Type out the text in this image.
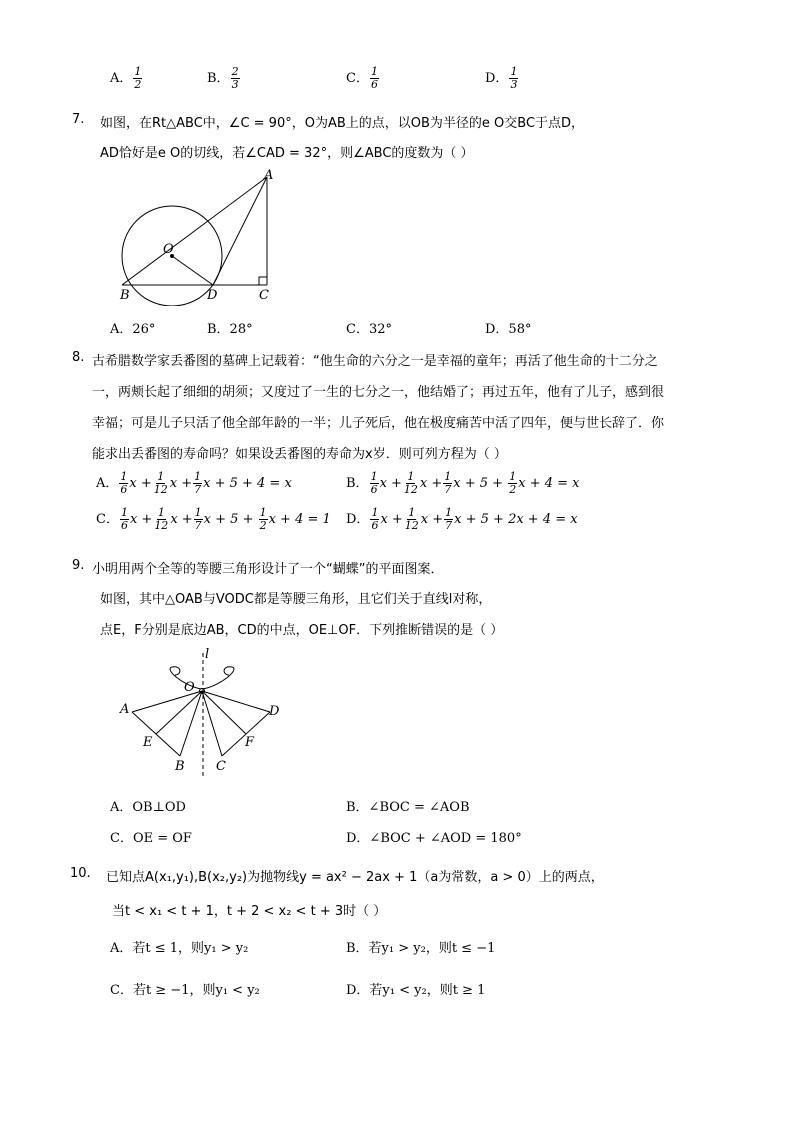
A． $\frac{1}{2}$	B． $\frac{2}{3}$	C． $\frac{1}{6}$	D． $\frac{1}{3}$
7. 如图，在Rt△ABC中，∠C = 90°，O为AB上的点，以OB为半径的e O交BC于点D，
AD恰好是e O的切线，若∠CAD = 32°，则∠ABC的度数为（ ）
A
O
B	D	C
A．26°	B．28°	C．32°	D．58°
8. 古希腊数学家丢番图的墓碑上记载着：“他生命的六分之一是幸福的童年；再活了他生命的十二分之
一，两颊长起了细细的胡须；又度过了一生的七分之一，他结婚了；再过五年，他有了儿子，感到很
幸福；可是儿子只活了他全部年龄的一半；儿子死后，他在极度痛苦中活了四年，便与世长辞了．你
能求出丢番图的寿命吗？如果设丢番图的寿命为x岁．则可列方程为（ ）
A． $\frac{1}{6}$ $x + \frac{1}{12}$ $x + \frac{1}{7}$ x + 5 + 4 = x	B． $\frac{1}{6}$ $x + \frac{1}{12}$ $x + \frac{1}{7}$ $x + 5 + \frac{1}{2}$ x + 4 = x
C． $\frac{1}{6}$ $x + \frac{1}{12}$ $x + \frac{1}{7}$ $x + 5 + \frac{1}{2}$ x + 4 = 1 D． $\frac{1}{6}$ $x + \frac{1}{12}$ $x + \frac{1}{7}$ x + 5 + 2x + 4 = x
9. 小明用两个全等的等腰三角形设计了一个“蝴蝶”的平面图案．
如图，其中△OAB与VODC都是等腰三角形，且它们关于直线l对称，
点E，F分别是底边AB，CD的中点，OE⊥OF．下列推断错误的是（ ）
l
O
A	D
E	F
B C
A．OB⊥OD	B．∠BOC = ∠AOB
C．OE = OF	D．∠BOC + ∠AOD = 180°
10. 已知点A(x₁,y₁),B(x₂,y₂)为抛物线y = ax² − 2ax + 1（a为常数，a > 0）上的两点，
当t < x₁ < t + 1，t + 2 < x₂ < t + 3时（ ）
A．若t ≤ 1，则y₁ > y₂	B．若y₁ > y₂，则t ≤ −1
C．若t ≥ −1，则y₁ < y₂	D．若y₁ < y₂，则t ≥ 1
